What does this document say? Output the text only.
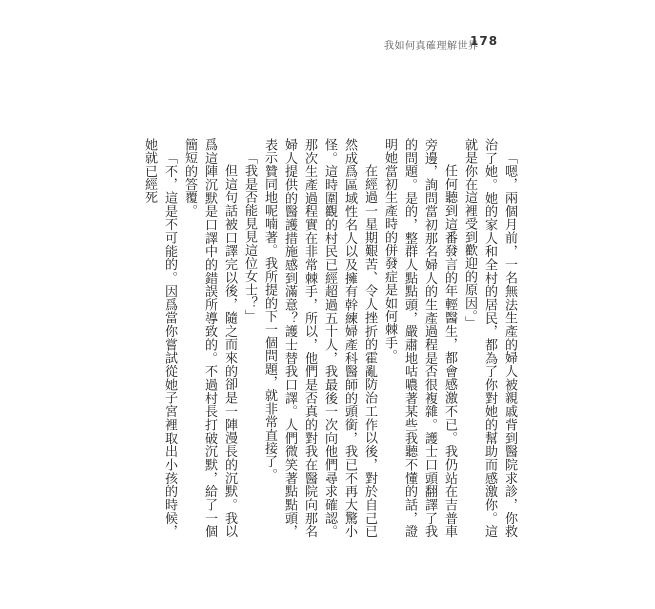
我如何真確理解世界
178

「嗯，兩個月前，一名無法生產的婦人被親戚背到醫院求診，你救治了她。她的家人和全村的居民，都為了你對她的幫助而感激你。這就是你在這裡受到歡迎的原因。」

任何聽到這番發言的年輕醫生，都會感激不已。我仍站在吉普車旁邊，詢問當初那名婦人的生產過程是否很複雜。護士口頭翻譯了我的問題。是的，整群人點點頭，嚴肅地咕噥著某些我聽不懂的話，證明她當初生產時的併發症是如何棘手。

在經過一星期艱苦、令人挫折的霍亂防治工作以後，對於自己已然成爲區域性名人以及擁有幹練婦產科醫師的頭銜，我已不再大驚小怪。這時圍觀的村民已經超過五十人，我最後一次向他們尋求確認。那次生產過程實在非常棘手，所以，他們是否真的對我在醫院向那名婦人提供的醫護措施感到滿意？護士替我口譯。人們微笑著點點頭，表示贊同地呢喃著。我所提的下一個問題，就非常直接了。

「我是否能見見這位女士？」

但這句話被口譯完以後，隨之而來的卻是一陣漫長的沉默。我以爲這陣沉默是口譯中的錯誤所導致的。不過村長打破沉默，給了一個簡短的答覆。

「不，這是不可能的。因爲當你嘗試從她子宮裡取出小孩的時候，她就已經死
